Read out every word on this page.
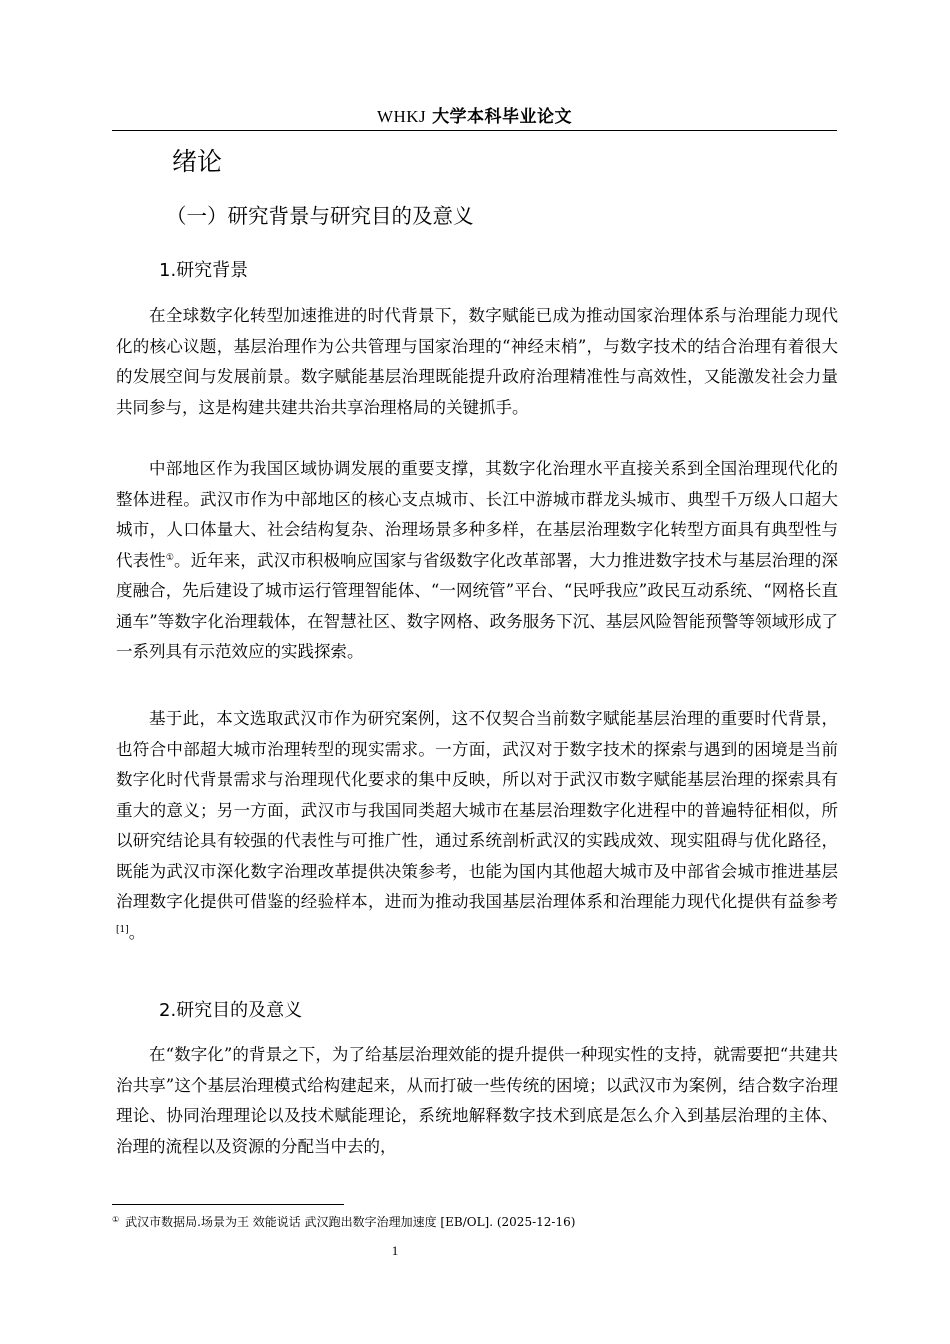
WHKJ 大学本科毕业论文
绪论
（一）研究背景与研究目的及意义
1.研究背景

在全球数字化转型加速推进的时代背景下，数字赋能已成为推动国家治理体系与治理能力现代化的核心议题，基层治理作为公共管理与国家治理的“神经末梢”，与数字技术的结合治理有着很大的发展空间与发展前景。数字赋能基层治理既能提升政府治理精准性与高效性，又能激发社会力量共同参与，这是构建共建共治共享治理格局的关键抓手。

中部地区作为我国区域协调发展的重要支撑，其数字化治理水平直接关系到全国治理现代化的整体进程。武汉市作为中部地区的核心支点城市、长江中游城市群龙头城市、典型千万级人口超大城市，人口体量大、社会结构复杂、治理场景多种多样，在基层治理数字化转型方面具有典型性与代表性①。近年来，武汉市积极响应国家与省级数字化改革部署，大力推进数字技术与基层治理的深度融合，先后建设了城市运行管理智能体、“一网统管”平台、“民呼我应”政民互动系统、“网格长直通车”等数字化治理载体，在智慧社区、数字网格、政务服务下沉、基层风险智能预警等领域形成了一系列具有示范效应的实践探索。

基于此，本文选取武汉市作为研究案例，这不仅契合当前数字赋能基层治理的重要时代背景，也符合中部超大城市治理转型的现实需求。一方面，武汉对于数字技术的探索与遇到的困境是当前数字化时代背景需求与治理现代化要求的集中反映，所以对于武汉市数字赋能基层治理的探索具有重大的意义；另一方面，武汉市与我国同类超大城市在基层治理数字化进程中的普遍特征相似，所以研究结论具有较强的代表性与可推广性，通过系统剖析武汉的实践成效、现实阻碍与优化路径，既能为武汉市深化数字治理改革提供决策参考，也能为国内其他超大城市及中部省会城市推进基层治理数字化提供可借鉴的经验样本，进而为推动我国基层治理体系和治理能力现代化提供有益参考[1]。

2.研究目的及意义

在“数字化”的背景之下，为了给基层治理效能的提升提供一种现实性的支持，就需要把“共建共治共享”这个基层治理模式给构建起来，从而打破一些传统的困境；以武汉市为案例，结合数字治理理论、协同治理理论以及技术赋能理论，系统地解释数字技术到底是怎么介入到基层治理的主体、治理的流程以及资源的分配当中去的，

① 武汉市数据局.场景为王 效能说话 武汉跑出数字治理加速度 [EB/OL]. (2025-12-16)
1
